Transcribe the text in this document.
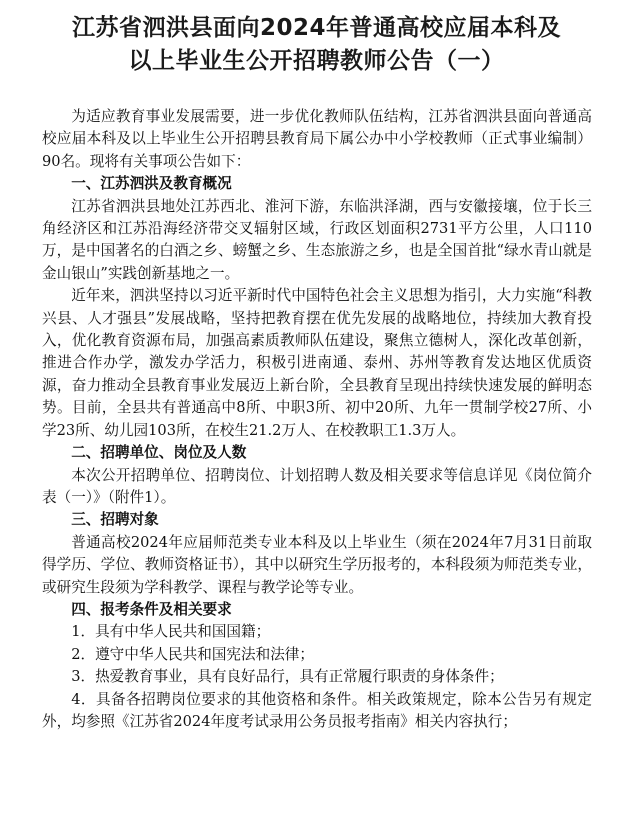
江苏省泗洪县面向2024年普通高校应届本科及
以上毕业生公开招聘教师公告（一）

为适应教育事业发展需要，进一步优化教师队伍结构，江苏省泗洪县面向普通高校应届本科及以上毕业生公开招聘县教育局下属公办中小学校教师（正式事业编制）90名。现将有关事项公告如下：

一、江苏泗洪及教育概况

江苏省泗洪县地处江苏西北、淮河下游，东临洪泽湖，西与安徽接壤，位于长三角经济区和江苏沿海经济带交叉辐射区域，行政区划面积2731平方公里，人口110万，是中国著名的白酒之乡、螃蟹之乡、生态旅游之乡，也是全国首批“绿水青山就是金山银山”实践创新基地之一。

近年来，泗洪坚持以习近平新时代中国特色社会主义思想为指引，大力实施“科教兴县、人才强县”发展战略，坚持把教育摆在优先发展的战略地位，持续加大教育投入，优化教育资源布局，加强高素质教师队伍建设，聚焦立德树人，深化改革创新，推进合作办学，激发办学活力，积极引进南通、泰州、苏州等教育发达地区优质资源，奋力推动全县教育事业发展迈上新台阶，全县教育呈现出持续快速发展的鲜明态势。目前，全县共有普通高中8所、中职3所、初中20所、九年一贯制学校27所、小学23所、幼儿园103所，在校生21.2万人、在校教职工1.3万人。

二、招聘单位、岗位及人数

本次公开招聘单位、招聘岗位、计划招聘人数及相关要求等信息详见《岗位简介表（一）》（附件1）。

三、招聘对象

普通高校2024年应届师范类专业本科及以上毕业生（须在2024年7月31日前取得学历、学位、教师资格证书），其中以研究生学历报考的，本科段须为师范类专业，或研究生段须为学科教学、课程与教学论等专业。

四、报考条件及相关要求

1．具有中华人民共和国国籍；

2．遵守中华人民共和国宪法和法律；

3．热爱教育事业，具有良好品行，具有正常履行职责的身体条件；

4．具备各招聘岗位要求的其他资格和条件。相关政策规定，除本公告另有规定外，均参照《江苏省2024年度考试录用公务员报考指南》相关内容执行；
